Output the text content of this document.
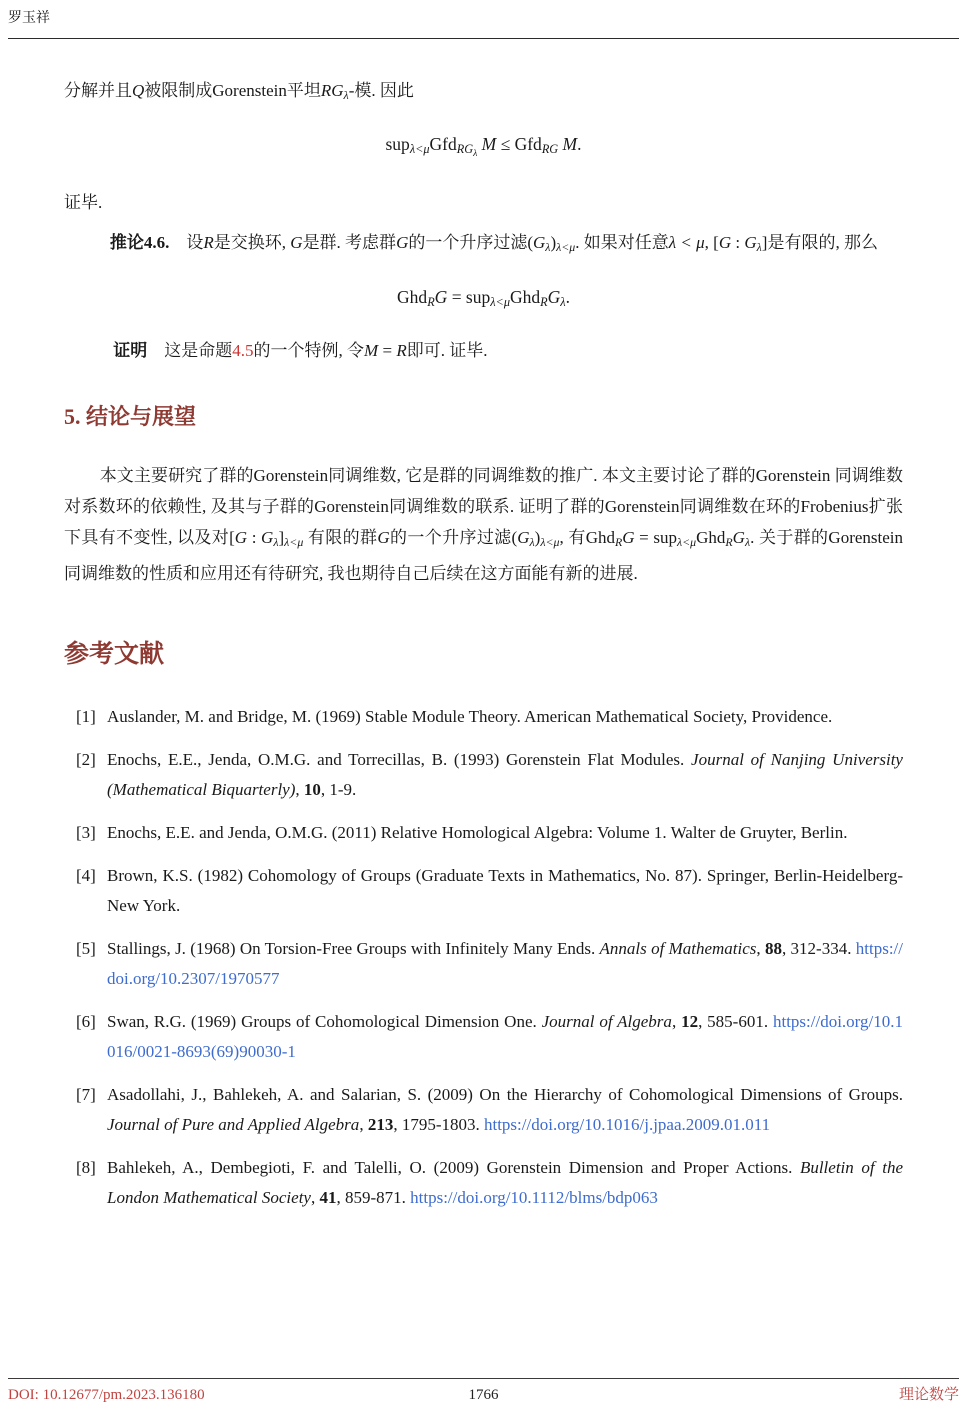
罗玉祥

分解并且Q被限制成Gorenstein平坦RGλ-模. 因此

supλ<μGfdRG$_\lambda$ M ≤ GfdRG M.

证毕.

推论4.6.　设R是交换环, G是群. 考虑群G的一个升序过滤(Gλ)λ<μ. 如果对任意λ < μ, [G : Gλ]是有限的, 那么

GhdRG = supλ<μGhdRGλ.

证明　这是命题4.5的一个特例, 令M = R即可. 证毕.

5. 结论与展望

本文主要研究了群的Gorenstein同调维数, 它是群的同调维数的推广. 本文主要讨论了群的Gorenstein 同调维数对系数环的依赖性, 及其与子群的Gorenstein同调维数的联系. 证明了群的Gorenstein同调维数在环的Frobenius扩张下具有不变性, 以及对[G : Gλ]λ<μ 有限的群G的一个升序过滤(Gλ)λ<μ, 有GhdRG = supλ<μGhdRGλ. 关于群的Gorenstein 同调维数的性质和应用还有待研究, 我也期待自己后续在这方面能有新的进展.

参考文献
[1] Auslander, M. and Bridge, M. (1969) Stable Module Theory. American Mathematical Society, Providence.
[2] Enochs, E.E., Jenda, O.M.G. and Torrecillas, B. (1993) Gorenstein Flat Modules. Journal of Nanjing University (Mathematical Biquarterly), 10, 1-9.
[3] Enochs, E.E. and Jenda, O.M.G. (2011) Relative Homological Algebra: Volume 1. Walter de Gruyter, Berlin.
[4] Brown, K.S. (1982) Cohomology of Groups (Graduate Texts in Mathematics, No. 87). Springer, Berlin-Heidelberg-New York.
[5] Stallings, J. (1968) On Torsion-Free Groups with Infinitely Many Ends. Annals of Mathematics, 88, 312-334. https://doi.org/10.2307/1970577
[6] Swan, R.G. (1969) Groups of Cohomological Dimension One. Journal of Algebra, 12, 585-601. https://doi.org/10.1016/0021-8693(69)90030-1
[7] Asadollahi, J., Bahlekeh, A. and Salarian, S. (2009) On the Hierarchy of Cohomological Dimensions of Groups. Journal of Pure and Applied Algebra, 213, 1795-1803. https://doi.org/10.1016/j.jpaa.2009.01.011
[8] Bahlekeh, A., Dembegioti, F. and Talelli, O. (2009) Gorenstein Dimension and Proper Actions. Bulletin of the London Mathematical Society, 41, 859-871. https://doi.org/10.1112/blms/bdp063
DOI: 10.12677/pm.2023.136180	1766	理论数学
